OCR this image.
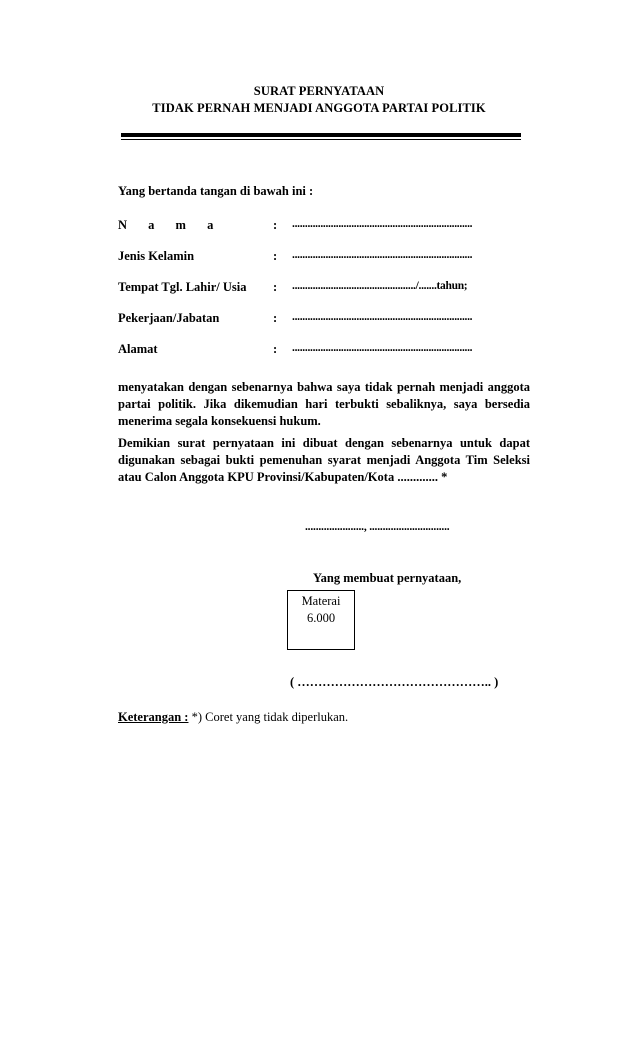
SURAT PERNYATAAN
TIDAK PERNAH MENJADI ANGGOTA PARTAI POLITIK
Yang bertanda tangan di bawah ini :
N a m a	: ......................................................................
Jenis Kelamin	: ......................................................................
Tempat Tgl. Lahir/ Usia : ................................................/.......tahun;
Pekerjaan/Jabatan	: ......................................................................
Alamat	: ......................................................................
menyatakan dengan sebenarnya bahwa saya tidak pernah menjadi anggota partai politik. Jika dikemudian hari terbukti sebaliknya, saya bersedia menerima segala konsekuensi hukum.
Demikian surat pernyataan ini dibuat dengan sebenarnya untuk dapat digunakan sebagai bukti pemenuhan syarat menjadi Anggota Tim Seleksi atau Calon Anggota KPU Provinsi/Kabupaten/Kota ............. *
......................, ..............................
Yang membuat pernyataan,
Materai
6.000
( ……………………………………….. )
Keterangan : *) Coret yang tidak diperlukan.
